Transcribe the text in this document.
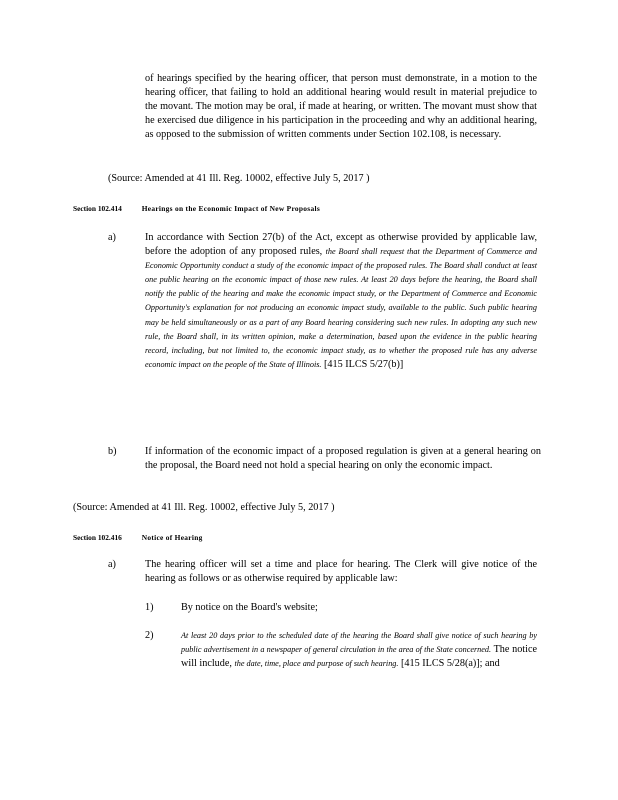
of hearings specified by the hearing officer, that person must demonstrate, in a motion to the hearing officer, that failing to hold an additional hearing would result in material prejudice to the movant. The motion may be oral, if made at hearing, or written. The movant must show that he exercised due diligence in his participation in the proceeding and why an additional hearing, as opposed to the submission of written comments under Section 102.108, is necessary.
(Source: Amended at 41 Ill. Reg. 10002, effective July 5, 2017 )
Section 102.414	Hearings on the Economic Impact of New Proposals
a)	In accordance with Section 27(b) of the Act, except as otherwise provided by applicable law, before the adoption of any proposed rules, the Board shall request that the Department of Commerce and Economic Opportunity conduct a study of the economic impact of the proposed rules. The Board shall conduct at least one public hearing on the economic impact of those new rules. At least 20 days before the hearing, the Board shall notify the public of the hearing and make the economic impact study, or the Department of Commerce and Economic Opportunity's explanation for not producing an economic impact study, available to the public. Such public hearing may be held simultaneously or as a part of any Board hearing considering such new rules. In adopting any such new rule, the Board shall, in its written opinion, make a determination, based upon the evidence in the public hearing record, including, but not limited to, the economic impact study, as to whether the proposed rule has any adverse economic impact on the people of the State of Illinois. [415 ILCS 5/27(b)]
b)	If information of the economic impact of a proposed regulation is given at a general hearing on the proposal, the Board need not hold a special hearing on only the economic impact.
(Source: Amended at 41 Ill. Reg. 10002, effective July 5, 2017 )
Section 102.416	Notice of Hearing
a)	The hearing officer will set a time and place for hearing. The Clerk will give notice of the hearing as follows or as otherwise required by applicable law:
1)	By notice on the Board's website;
2)	At least 20 days prior to the scheduled date of the hearing the Board shall give notice of such hearing by public advertisement in a newspaper of general circulation in the area of the State concerned. The notice will include, the date, time, place and purpose of such hearing. [415 ILCS 5/28(a)]; and
